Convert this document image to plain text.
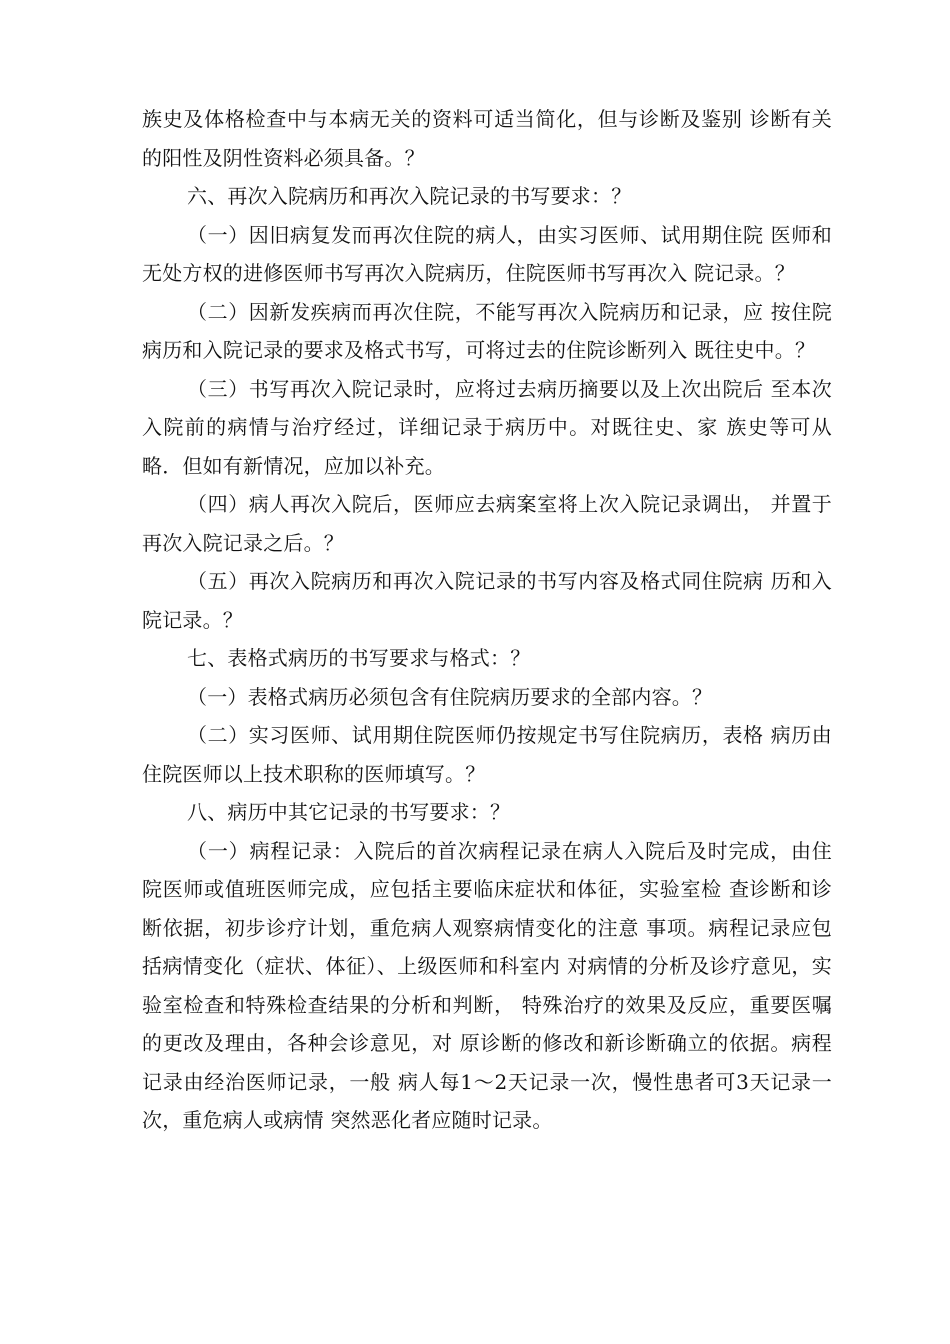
族史及体格检查中与本病无关的资料可适当简化，但与诊断及鉴别 诊断有关的阳性及阴性资料必须具备。？

六、再次入院病历和再次入院记录的书写要求：？

（一）因旧病复发而再次住院的病人，由实习医师、试用期住院 医师和无处方权的进修医师书写再次入院病历，住院医师书写再次入 院记录。？

（二）因新发疾病而再次住院，不能写再次入院病历和记录，应 按住院病历和入院记录的要求及格式书写，可将过去的住院诊断列入 既往史中。？

（三）书写再次入院记录时，应将过去病历摘要以及上次出院后 至本次入院前的病情与治疗经过，详细记录于病历中。对既往史、家 族史等可从略．但如有新情况，应加以补充。

（四）病人再次入院后，医师应去病案室将上次入院记录调出， 并置于再次入院记录之后。？

（五）再次入院病历和再次入院记录的书写内容及格式同住院病 历和入院记录。？

七、表格式病历的书写要求与格式：？

（一）表格式病历必须包含有住院病历要求的全部内容。？

（二）实习医师、试用期住院医师仍按规定书写住院病历，表格 病历由住院医师以上技术职称的医师填写。？

八、病历中其它记录的书写要求：？

（一）病程记录：入院后的首次病程记录在病人入院后及时完成，由住院医师或值班医师完成，应包括主要临床症状和体征，实验室检 查诊断和诊断依据，初步诊疗计划，重危病人观察病情变化的注意 事项。病程记录应包括病情变化（症状、体征）、上级医师和科室内 对病情的分析及诊疗意见，实验室检查和特殊检查结果的分析和判断， 特殊治疗的效果及反应，重要医嘱的更改及理由，各种会诊意见，对 原诊断的修改和新诊断确立的依据。病程记录由经治医师记录，一般 病人每1〜2天记录一次，慢性患者可3天记录一次，重危病人或病情 突然恶化者应随时记录。
